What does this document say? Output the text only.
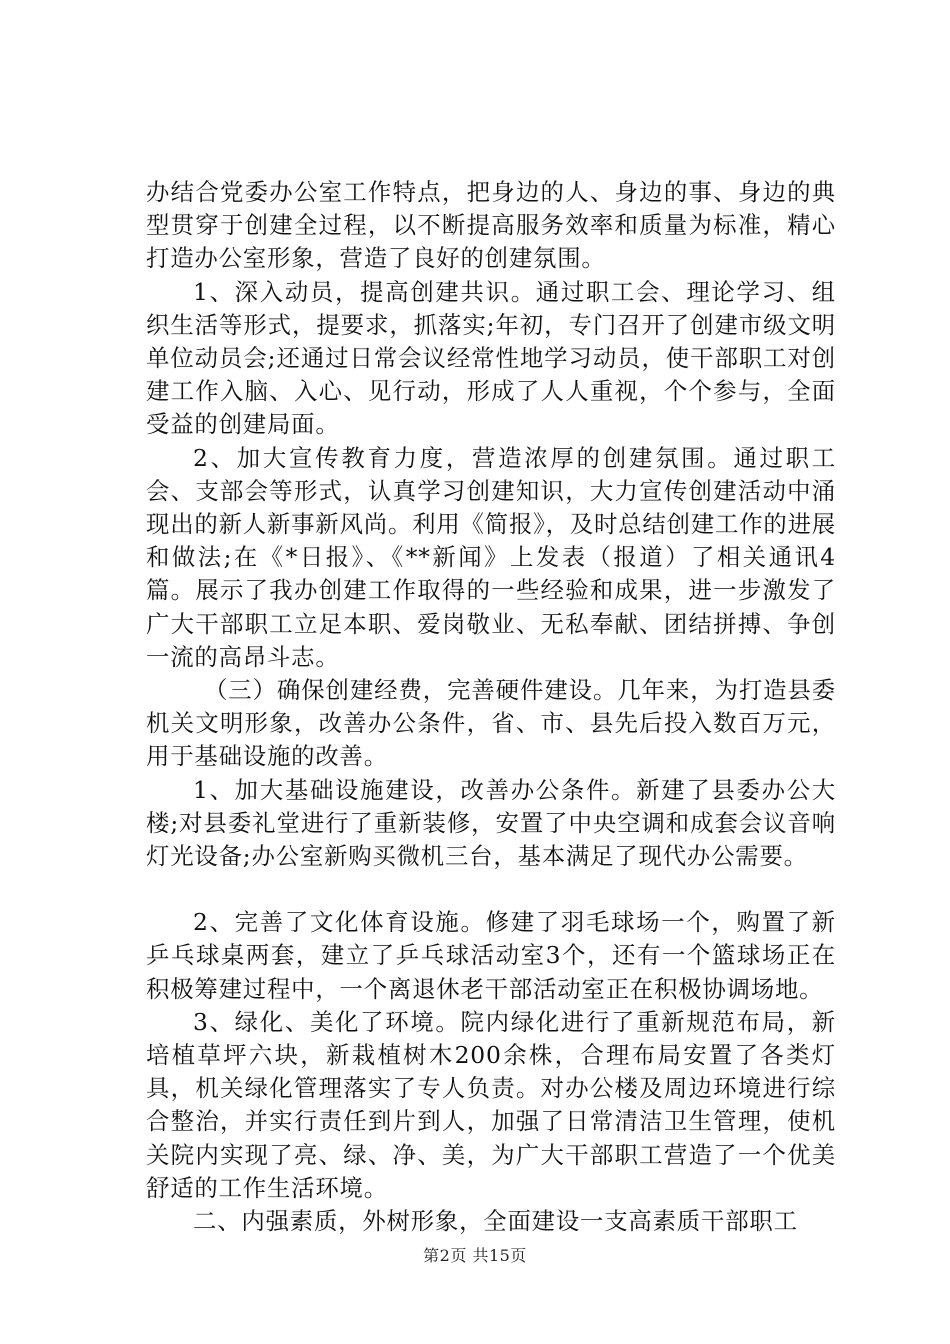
办结合党委办公室工作特点，把身边的人、身边的事、身边的典型贯穿于创建全过程，以不断提高服务效率和质量为标准，精心打造办公室形象，营造了良好的创建氛围。

1、深入动员，提高创建共识。通过职工会、理论学习、组织生活等形式，提要求，抓落实;年初，专门召开了创建市级文明单位动员会;还通过日常会议经常性地学习动员，使干部职工对创建工作入脑、入心、见行动，形成了人人重视，个个参与，全面受益的创建局面。

2、加大宣传教育力度，营造浓厚的创建氛围。通过职工会、支部会等形式，认真学习创建知识，大力宣传创建活动中涌现出的新人新事新风尚。利用《简报》，及时总结创建工作的进展和做法;在《*日报》、《**新闻》上发表（报道）了相关通讯4篇。展示了我办创建工作取得的一些经验和成果，进一步激发了广大干部职工立足本职、爱岗敬业、无私奉献、团结拼搏、争创一流的高昂斗志。

（三）确保创建经费，完善硬件建设。几年来，为打造县委机关文明形象，改善办公条件，省、市、县先后投入数百万元，用于基础设施的改善。

1、加大基础设施建设，改善办公条件。新建了县委办公大楼;对县委礼堂进行了重新装修，安置了中央空调和成套会议音响灯光设备;办公室新购买微机三台，基本满足了现代办公需要。

2、完善了文化体育设施。修建了羽毛球场一个，购置了新乒乓球桌两套，建立了乒乓球活动室3个，还有一个篮球场正在积极筹建过程中，一个离退休老干部活动室正在积极协调场地。

3、绿化、美化了环境。院内绿化进行了重新规范布局，新培植草坪六块，新栽植树木200余株，合理布局安置了各类灯具，机关绿化管理落实了专人负责。对办公楼及周边环境进行综合整治，并实行责任到片到人，加强了日常清洁卫生管理，使机关院内实现了亮、绿、净、美，为广大干部职工营造了一个优美舒适的工作生活环境。

二、内强素质，外树形象，全面建设一支高素质干部职工

第2页 共15页
